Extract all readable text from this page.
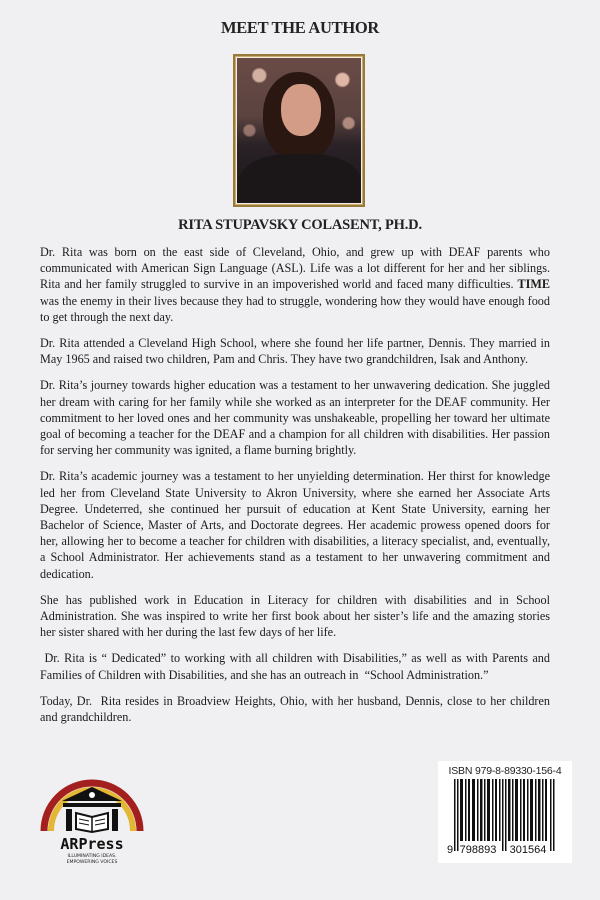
MEET THE AUTHOR
RITA STUPAVSKY COLASENT, PH.D.

Dr. Rita was born on the east side of Cleveland, Ohio, and grew up with DEAF parents who communicated with American Sign Language (ASL). Life was a lot different for her and her siblings. Rita and her family struggled to survive in an impoverished world and faced many difficulties. TIME was the enemy in their lives because they had to struggle, wondering how they would have enough food to get through the next day.

Dr. Rita attended a Cleveland High School, where she found her life partner, Dennis. They married in May 1965 and raised two children, Pam and Chris. They have two grandchildren, Isak and Anthony.

Dr. Rita’s journey towards higher education was a testament to her unwavering dedication. She juggled her dream with caring for her family while she worked as an interpreter for the DEAF community. Her commitment to her loved ones and her community was unshakeable, propelling her toward her ultimate goal of becoming a teacher for the DEAF and a champion for all children with disabilities. Her passion for serving her community was ignited, a flame burning brightly.

Dr. Rita’s academic journey was a testament to her unyielding determination. Her thirst for knowledge led her from Cleveland State University to Akron University, where she earned her Associate Arts Degree. Undeterred, she continued her pursuit of education at Kent State University, earning her Bachelor of Science, Master of Arts, and Doctorate degrees. Her academic prowess opened doors for her, allowing her to become a teacher for children with disabilities, a literacy specialist, and, eventually, a School Administrator. Her achievements stand as a testament to her unwavering commitment and dedication.

She has published work in Education in Literacy for children with disabilities and in School Administration. She was inspired to write her first book about her sister’s life and the amazing stories her sister shared with her during the last few days of her life.

Dr. Rita is “ Dedicated” to working with all children with Disabilities,” as well as with Parents and Families of Children with Disabilities, and she has an outreach in  “School Administration.”

Today, Dr.  Rita resides in Broadview Heights, Ohio, with her husband, Dennis, close to her children and grandchildren.

ARPress
ILLUMINATING IDEAS.
EMPOWERING VOICES
ISBN 979-8-89330-156-4
9 798893 301564
